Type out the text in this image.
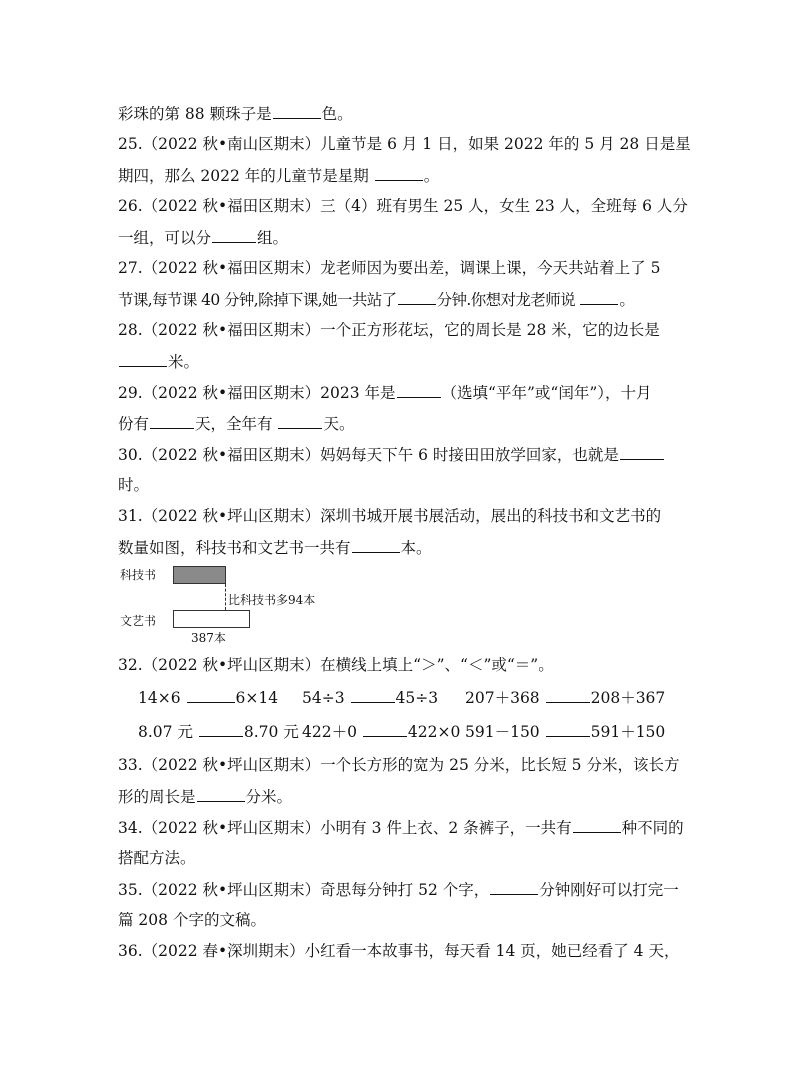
彩珠的第 88 颗珠子是	色。
25.（2022 秋•南山区期末）儿童节是 6 月 1 日，如果 2022 年的 5 月 28 日是星
期四，那么 2022 年的儿童节是星期	。
26.（2022 秋•福田区期末）三（4）班有男生 25 人，女生 23 人，全班每 6 人分
一组，可以分	组。
27.（2022 秋•福田区期末）龙老师因为要出差，调课上课，今天共站着上了 5
节课,每节课 40 分钟,除掉下课,她一共站了	分钟.你想对龙老师说	。
28.（2022 秋•福田区期末）一个正方形花坛，它的周长是 28 米，它的边长是
米。
29.（2022 秋•福田区期末）2023 年是	（选填“平年”或“闰年”），十月
份有	天，全年有	天。
30.（2022 秋•福田区期末）妈妈每天下午 6 时接田田放学回家，也就是
时。
31.（2022 秋•坪山区期末）深圳书城开展书展活动，展出的科技书和文艺书的
数量如图，科技书和文艺书一共有	本。
科技书
比科技书多94本
文艺书
387本
32.（2022 秋•坪山区期末）在横线上填上“＞”、“＜”或“＝”。
14×6	6×14 54÷3	45÷3 207＋368	208＋367
8.07 元	8.70 元 422＋0	422×0 591－150	591＋150
33.（2022 秋•坪山区期末）一个长方形的宽为 25 分米，比长短 5 分米，该长方
形的周长是	分米。
34.（2022 秋•坪山区期末）小明有 3 件上衣、2 条裤子，一共有	种不同的
搭配方法。
35.（2022 秋•坪山区期末）奇思每分钟打 52 个字，	分钟刚好可以打完一
篇 208 个字的文稿。
36.（2022 春•深圳期末）小红看一本故事书，每天看 14 页，她已经看了 4 天，
